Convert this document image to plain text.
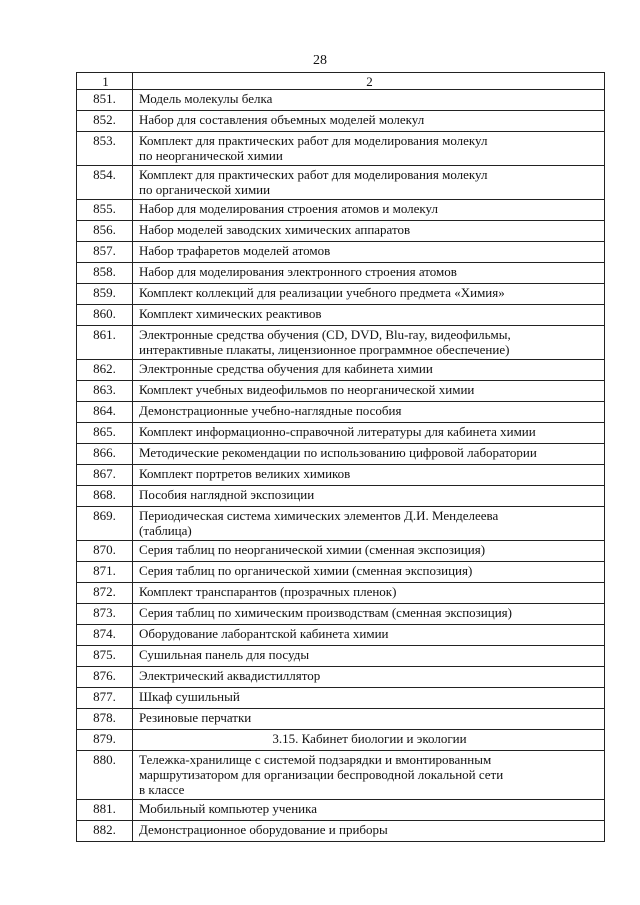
28
1	2
851.	Модель молекулы белка
852.	Набор для составления объемных моделей молекул
853.	Комплект для практических работ для моделирования молекул
по неорганической химии
854.	Комплект для практических работ для моделирования молекул
по органической химии
855.	Набор для моделирования строения атомов и молекул
856.	Набор моделей заводских химических аппаратов
857.	Набор трафаретов моделей атомов
858.	Набор для моделирования электронного строения атомов
859.	Комплект коллекций для реализации учебного предмета «Химия»
860.	Комплект химических реактивов
861.	Электронные средства обучения (CD, DVD, Blu-ray, видеофильмы,
интерактивные плакаты, лицензионное программное обеспечение)
862.	Электронные средства обучения для кабинета химии
863.	Комплект учебных видеофильмов по неорганической химии
864.	Демонстрационные учебно-наглядные пособия
865.	Комплект информационно-справочной литературы для кабинета химии
866.	Методические рекомендации по использованию цифровой лаборатории
867.	Комплект портретов великих химиков
868.	Пособия наглядной экспозиции
869.	Периодическая система химических элементов Д.И. Менделеева
(таблица)
870.	Серия таблиц по неорганической химии (сменная экспозиция)
871.	Серия таблиц по органической химии (сменная экспозиция)
872.	Комплект транспарантов (прозрачных пленок)
873.	Серия таблиц по химическим производствам (сменная экспозиция)
874.	Оборудование лаборантской кабинета химии
875.	Сушильная панель для посуды
876.	Электрический аквадистиллятор
877.	Шкаф сушильный
878.	Резиновые перчатки
879.	3.15. Кабинет биологии и экологии
880.	Тележка-хранилище с системой подзарядки и вмонтированным
маршрутизатором для организации беспроводной локальной сети
в классе
881.	Мобильный компьютер ученика
882.	Демонстрационное оборудование и приборы
